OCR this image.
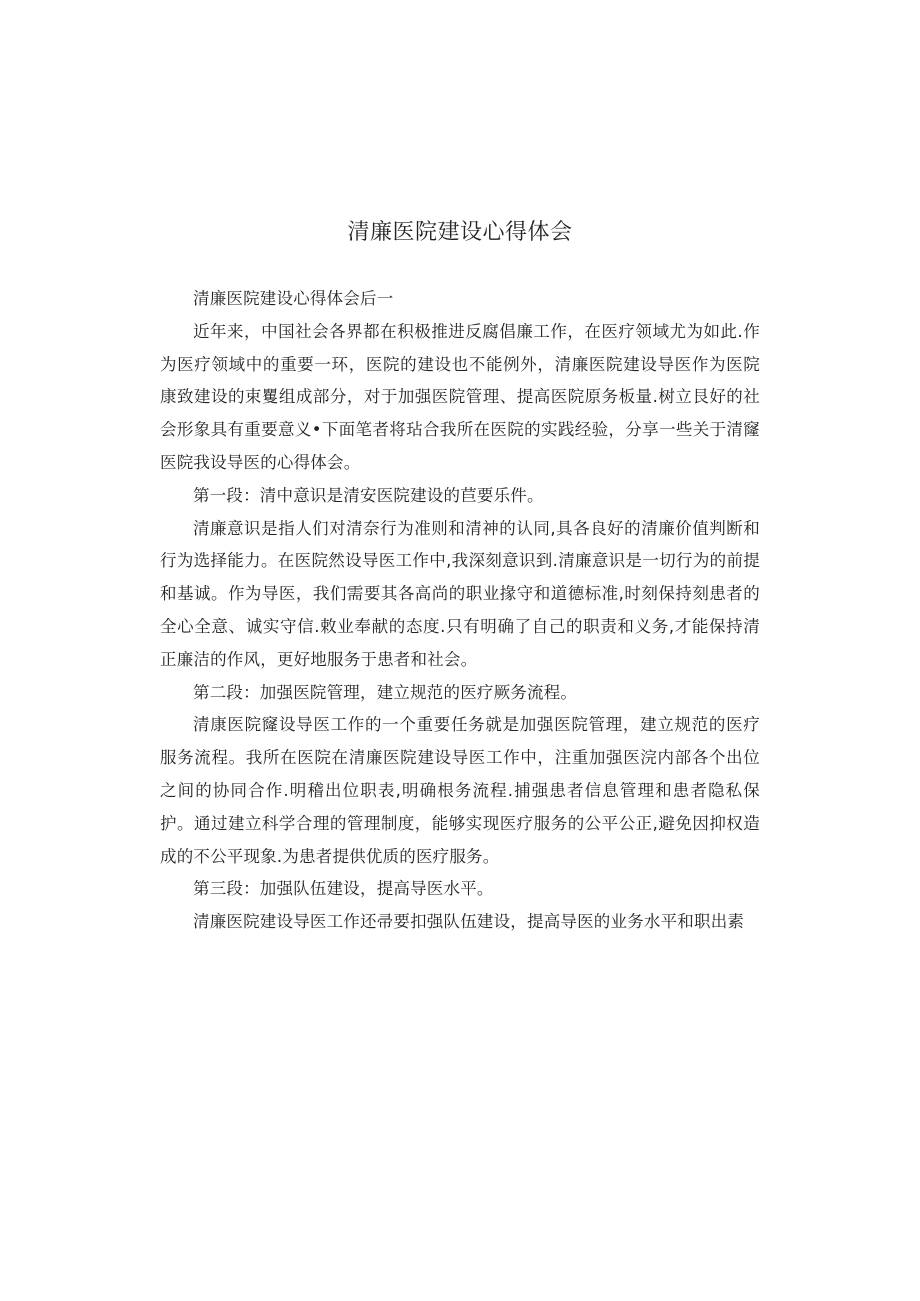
清廉医院建设心得体会

清廉医院建设心得体会后一

近年来，中国社会各界都在积极推进反腐倡廉工作，在医疗领域尤为如此.作为医疗领域中的重要一环，医院的建设也不能例外，清廉医院建设导医作为医院康致建设的束矍组成部分，对于加强医院管理、提高医院原务板量.树立艮好的社会形象具有重要意义•下面笔者将玷合我所在医院的实践经验，分享一些关于清窿医院我设导医的心得体会。

第一段：清中意识是清安医院建设的苣要乐件。

清廉意识是指人们对清奈行为准则和清神的认同,具各良好的清廉价值判断和行为选择能力。在医院然设导医工作中,我深刻意识到.清廉意识是一切行为的前提和基诚。作为导医，我们需要其各高尚的职业掾守和道德标准,时刻保持刻患者的全心全意、诚实守信.敕业奉献的态度.只有明确了自己的职责和义务,才能保持清正廉洁的作风，更好地服务于患者和社会。

第二段：加强医院管理，建立规范的医疗厥务流程。

清康医院窿设导医工作的一个重要任务就是加强医院管理，建立规范的医疗服务流程。我所在医院在清廉医院建设导医工作中，注重加强医浣内部各个出位之间的协同合作.明稽出位职表,明确根务流程.捕强患者信息管理和患者隐私保护。通过建立科学合理的管理制度，能够实现医疗服务的公平公正,避免因抑权造成的不公平现象.为患者提供优质的医疗服务。

第三段：加强队伍建设，提高导医水平。

清廉医院建设导医工作还帚要扣强队伍建设，提高导医的业务水平和职出素
